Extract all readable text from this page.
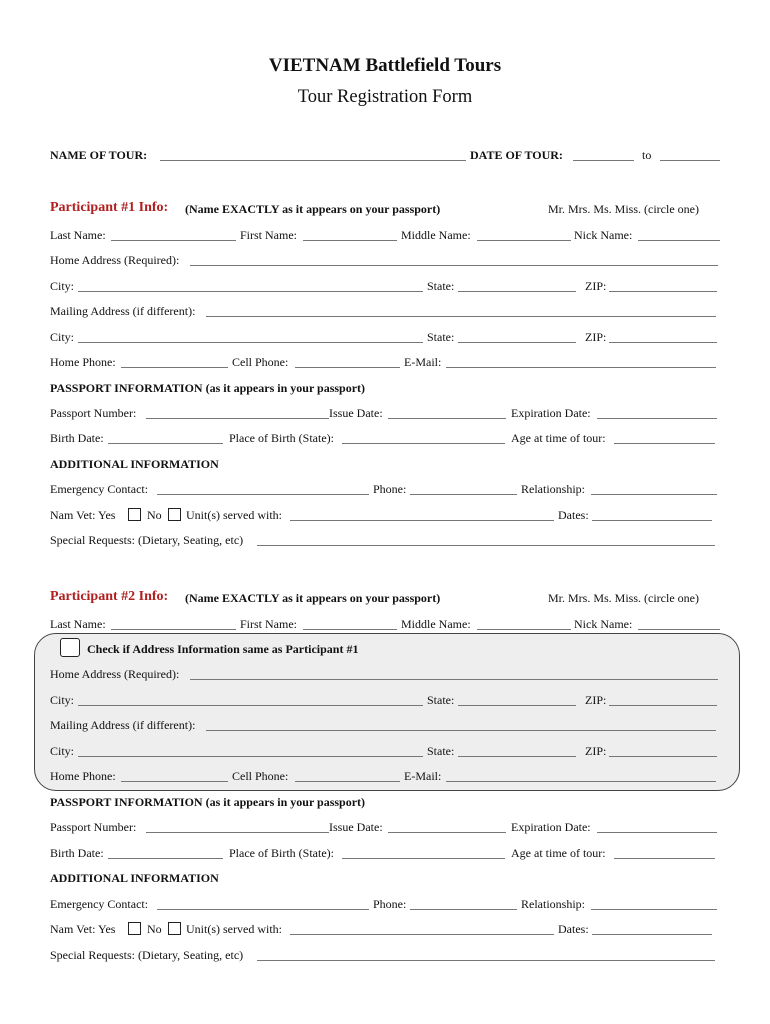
VIETNAM Battlefield Tours
Tour Registration Form
NAME OF TOUR:	DATE OF TOUR:	to
Participant #1 Info: (Name EXACTLY as it appears on your passport)	Mr. Mrs. Ms. Miss. (circle one)
Last Name:	First Name:	Middle Name:	Nick Name:
Home Address (Required):
City:	State:	ZIP:
Mailing Address (if different):
City:	State:	ZIP:
Home Phone:	Cell Phone:	E-Mail:
PASSPORT INFORMATION (as it appears in your passport)
Passport Number:	Issue Date:	Expiration Date:
Birth Date:	Place of Birth (State):	Age at time of tour:
ADDITIONAL INFORMATION
Emergency Contact:	Phone:	Relationship:
Nam Vet: Yes	No Unit(s) served with:	Dates:
Special Requests: (Dietary, Seating, etc)
Participant #2 Info: (Name EXACTLY as it appears on your passport)	Mr. Mrs. Ms. Miss. (circle one)
Last Name:	First Name:	Middle Name:	Nick Name:
Check if Address Information same as Participant #1
Home Address (Required):
City:	State:	ZIP:
Mailing Address (if different):
City:	State:	ZIP:
Home Phone:	Cell Phone:	E-Mail:
PASSPORT INFORMATION (as it appears in your passport)
Passport Number:	Issue Date:	Expiration Date:
Birth Date:	Place of Birth (State):	Age at time of tour:
ADDITIONAL INFORMATION
Emergency Contact:	Phone:	Relationship:
Nam Vet: Yes	No Unit(s) served with:	Dates:
Special Requests: (Dietary, Seating, etc)
